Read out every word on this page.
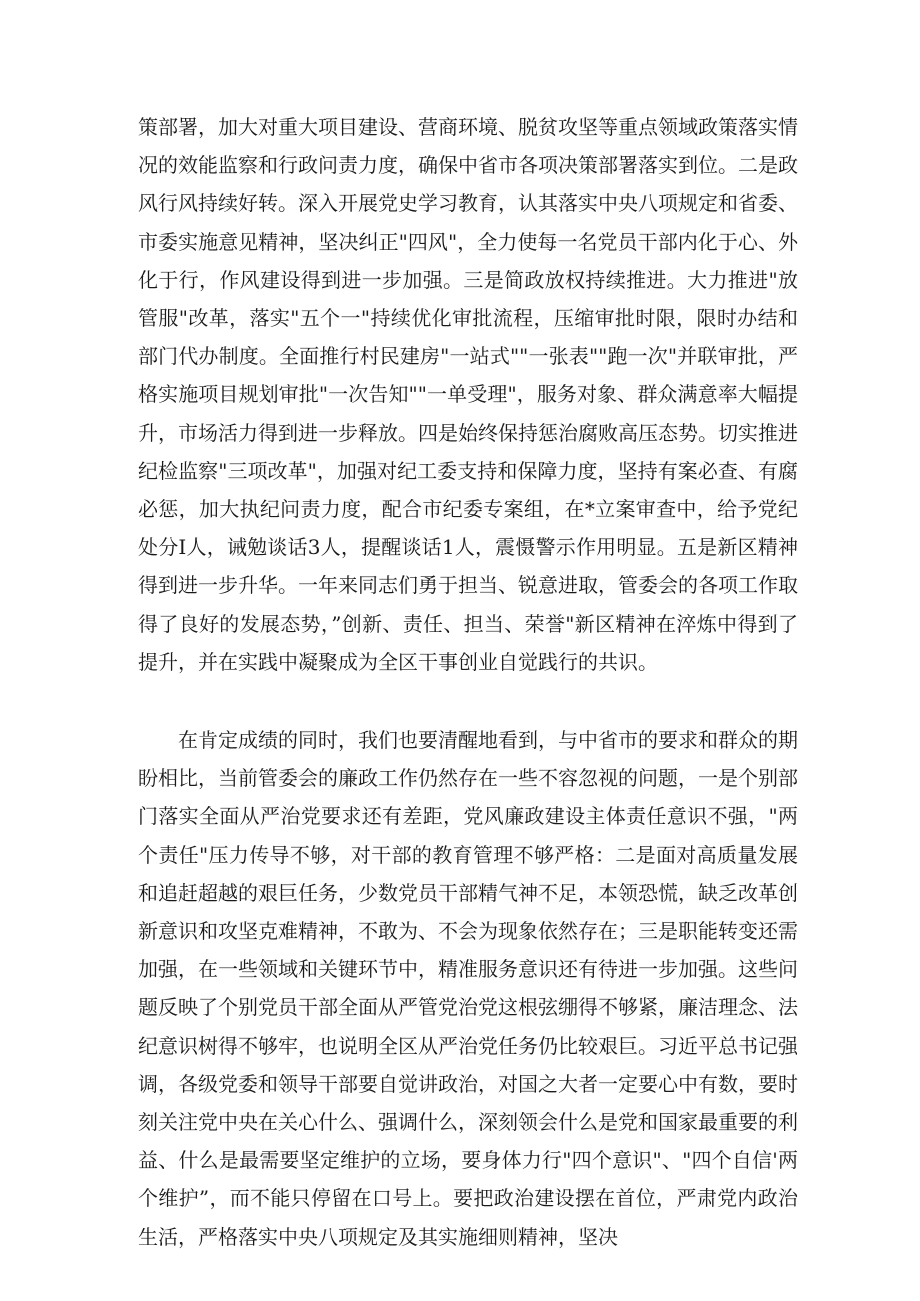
策部署，加大对重大项目建设、营商环境、脱贫攻坚等重点领域政策落实情况的效能监察和行政问责力度，确保中省市各项决策部署落实到位。二是政风行风持续好转。深入开展党史学习教育，认其落实中央八项规定和省委、市委实施意见精神，坚决纠正"四风"，全力使每一名党员干部内化于心、外化于行，作风建设得到进一步加强。三是简政放权持续推进。大力推进"放管服"改革，落实"五个一"持续优化审批流程，压缩审批时限，限时办结和部门代办制度。全面推行村民建房"一站式""一张表""跑一次"并联审批，严格实施项目规划审批"一次告知""一单受理"，服务对象、群众满意率大幅提升，市场活力得到进一步释放。四是始终保持惩治腐败高压态势。切实推进纪检监察"三项改革"，加强对纪工委支持和保障力度，坚持有案必查、有腐必惩，加大执纪问责力度，配合市纪委专案组，在*立案审查中，给予党纪处分I人，诫勉谈话3人，提醒谈话1人，震慑警示作用明显。五是新区精神得到进一步升华。一年来同志们勇于担当、锐意进取，管委会的各项工作取得了良好的发展态势，”创新、责任、担当、荣誉"新区精神在淬炼中得到了提升，并在实践中凝聚成为全区干事创业自觉践行的共识。

在肯定成绩的同时，我们也要清醒地看到，与中省市的要求和群众的期盼相比，当前管委会的廉政工作仍然存在一些不容忽视的问题，一是个别部门落实全面从严治党要求还有差距，党风廉政建设主体责任意识不强，"两个责任"压力传导不够，对干部的教育管理不够严格：二是面对高质量发展和追赶超越的艰巨任务，少数党员干部精气神不足，本领恐慌，缺乏改革创新意识和攻坚克难精神，不敢为、不会为现象依然存在；三是职能转变还需加强，在一些领域和关键环节中，精准服务意识还有待进一步加强。这些问题反映了个别党员干部全面从严管党治党这根弦绷得不够紧，廉洁理念、法纪意识树得不够牢，也说明全区从严治党任务仍比较艰巨。习近平总书记强调，各级党委和领导干部要自觉讲政治，对国之大者一定要心中有数，要时刻关注党中央在关心什么、强调什么，深刻领会什么是党和国家最重要的利益、什么是最需要坚定维护的立场，要身体力行"四个意识"、"四个自信'两个维护”，而不能只停留在口号上。要把政治建设摆在首位，严肃党内政治生活，严格落实中央八项规定及其实施细则精神，坚决
